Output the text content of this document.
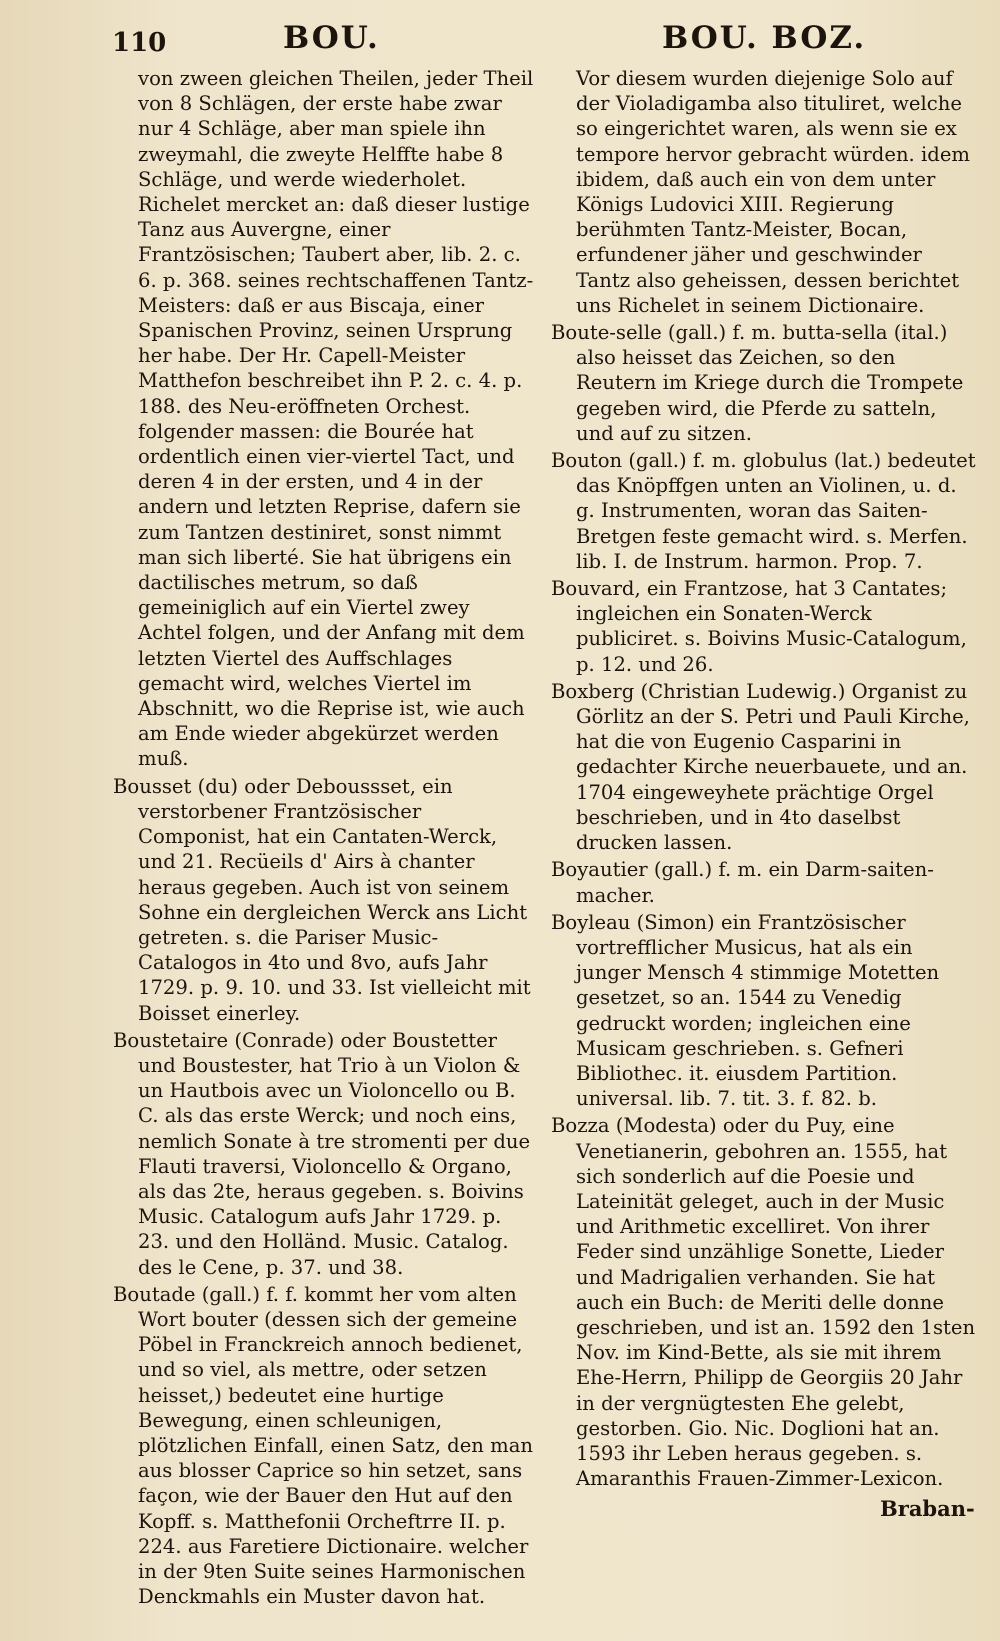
110	BOU.	BOU. BOZ.

von zween gleichen Theilen, jeder Theil von 8 Schlägen, der erste habe zwar nur 4 Schläge, aber man spiele ihn zweymahl, die zweyte Helffte habe 8 Schläge, und werde wiederholet. Richelet mercket an: daß dieser lustige Tanz aus Auvergne, einer Frantzösischen; Taubert aber, lib. 2. c. 6. p. 368. seines rechtschaffenen Tantz-Meisters: daß er aus Biscaja, einer Spanischen Provinz, seinen Ursprung her habe. Der Hr. Capell-Meister Matthefon beschreibet ihn P. 2. c. 4. p. 188. des Neu-eröffneten Orchest. folgender massen: die Bourée hat ordentlich einen vier-viertel Tact, und deren 4 in der ersten, und 4 in der andern und letzten Reprise, dafern sie zum Tantzen destiniret, sonst nimmt man sich liberté. Sie hat übrigens ein dactilisches metrum, so daß gemeiniglich auf ein Viertel zwey Achtel folgen, und der Anfang mit dem letzten Viertel des Auffschlages gemacht wird, welches Viertel im Abschnitt, wo die Reprise ist, wie auch am Ende wieder abgekürzet werden muß.

Bousset (du) oder Deboussset, ein verstorbener Frantzösischer Componist, hat ein Cantaten-Werck, und 21. Recüeils d' Airs à chanter heraus gegeben. Auch ist von seinem Sohne ein dergleichen Werck ans Licht getreten. s. die Pariser Music-Catalogos in 4to und 8vo, aufs Jahr 1729. p. 9. 10. und 33. Ist vielleicht mit Boisset einerley.

Boustetaire (Conrade) oder Boustetter und Boustester, hat Trio à un Violon & un Hautbois avec un Violoncello ou B. C. als das erste Werck; und noch eins, nemlich Sonate à tre stromenti per due Flauti traversi, Violoncello & Organo, als das 2te, heraus gegeben. s. Boivins Music. Catalogum aufs Jahr 1729. p. 23. und den Holländ. Music. Catalog. des le Cene, p. 37. und 38.

Boutade (gall.) f. f. kommt her vom alten Wort bouter (dessen sich der gemeine Pöbel in Franckreich annoch bedienet, und so viel, als mettre, oder setzen heisset,) bedeutet eine hurtige Bewegung, einen schleunigen, plötzlichen Einfall, einen Satz, den man aus blosser Caprice so hin setzet, sans façon, wie der Bauer den Hut auf den Kopff. s. Matthefonii Orcheftrre II. p. 224. aus Faretiere Dictionaire. welcher in der 9ten Suite seines Harmonischen Denckmahls ein Muster davon hat.

Vor diesem wurden diejenige Solo auf der Violadigamba also tituliret, welche so eingerichtet waren, als wenn sie ex tempore hervor gebracht würden. idem ibidem, daß auch ein von dem unter Königs Ludovici XIII. Regierung berühmten Tantz-Meister, Bocan, erfundener jäher und geschwinder Tantz also geheissen, dessen berichtet uns Richelet in seinem Dictionaire.

Boute-selle (gall.) f. m. butta-sella (ital.) also heisset das Zeichen, so den Reutern im Kriege durch die Trompete gegeben wird, die Pferde zu satteln, und auf zu sitzen.

Bouton (gall.) f. m. globulus (lat.) bedeutet das Knöpffgen unten an Violinen, u. d. g. Instrumenten, woran das Saiten-Bretgen feste gemacht wird. s. Merfen. lib. I. de Instrum. harmon. Prop. 7.

Bouvard, ein Frantzose, hat 3 Cantates; ingleichen ein Sonaten-Werck publiciret. s. Boivins Music-Catalogum, p. 12. und 26.

Boxberg (Christian Ludewig.) Organist zu Görlitz an der S. Petri und Pauli Kirche, hat die von Eugenio Casparini in gedachter Kirche neuerbauete, und an. 1704 eingeweyhete prächtige Orgel beschrieben, und in 4to daselbst drucken lassen.

Boyautier (gall.) f. m. ein Darm-saiten-macher.

Boyleau (Simon) ein Frantzösischer vortrefflicher Musicus, hat als ein junger Mensch 4 stimmige Motetten gesetzet, so an. 1544 zu Venedig gedruckt worden; ingleichen eine Musicam geschrieben. s. Gefneri Bibliothec. it. eiusdem Partition. universal. lib. 7. tit. 3. f. 82. b.

Bozza (Modesta) oder du Puy, eine Venetianerin, gebohren an. 1555, hat sich sonderlich auf die Poesie und Lateinität geleget, auch in der Music und Arithmetic excelliret. Von ihrer Feder sind unzählige Sonette, Lieder und Madrigalien verhanden. Sie hat auch ein Buch: de Meriti delle donne geschrieben, und ist an. 1592 den 1sten Nov. im Kind-Bette, als sie mit ihrem Ehe-Herrn, Philipp de Georgiis 20 Jahr in der vergnügtesten Ehe gelebt, gestorben. Gio. Nic. Doglioni hat an. 1593 ihr Leben heraus gegeben. s. Amaranthis Frauen-Zimmer-Lexicon.

Braban-
